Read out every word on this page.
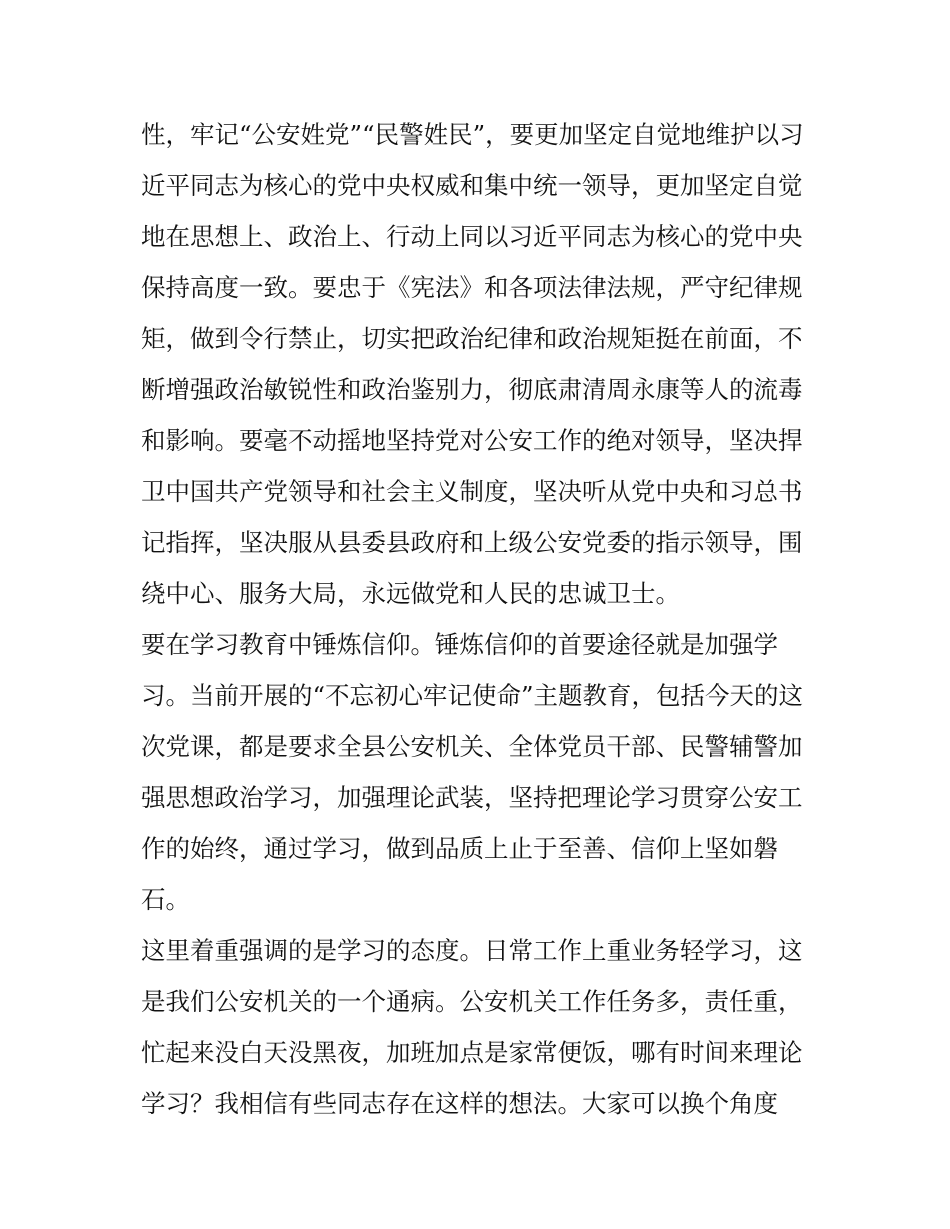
性，牢记“公安姓党”“民警姓民”，要更加坚定自觉地维护以习
近平同志为核心的党中央权威和集中统一领导，更加坚定自觉
地在思想上、政治上、行动上同以习近平同志为核心的党中央
保持高度一致。要忠于《宪法》和各项法律法规，严守纪律规
矩，做到令行禁止，切实把政治纪律和政治规矩挺在前面，不
断增强政治敏锐性和政治鉴别力，彻底肃清周永康等人的流毒
和影响。要毫不动摇地坚持党对公安工作的绝对领导，坚决捍
卫中国共产党领导和社会主义制度，坚决听从党中央和习总书
记指挥，坚决服从县委县政府和上级公安党委的指示领导，围
绕中心、服务大局，永远做党和人民的忠诚卫士。
要在学习教育中锤炼信仰。锤炼信仰的首要途径就是加强学
习。当前开展的“不忘初心牢记使命”主题教育，包括今天的这
次党课，都是要求全县公安机关、全体党员干部、民警辅警加
强思想政治学习，加强理论武装，坚持把理论学习贯穿公安工
作的始终，通过学习，做到品质上止于至善、信仰上坚如磐
石。
这里着重强调的是学习的态度。日常工作上重业务轻学习，这
是我们公安机关的一个通病。公安机关工作任务多，责任重，
忙起来没白天没黑夜，加班加点是家常便饭，哪有时间来理论
学习？我相信有些同志存在这样的想法。大家可以换个角度
